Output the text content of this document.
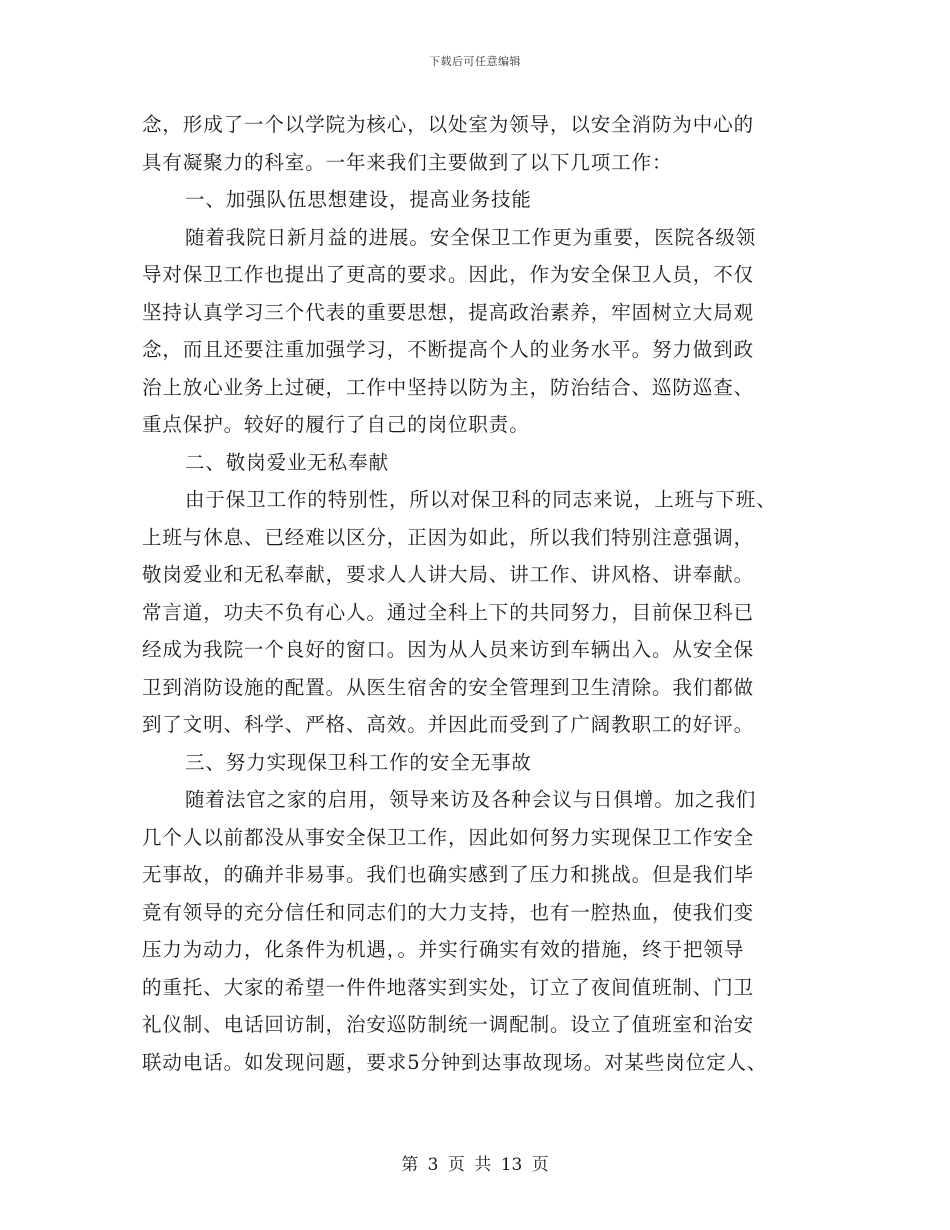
下载后可任意编辑
念，形成了一个以学院为核心，以处室为领导，以安全消防为中心的
具有凝聚力的科室。一年来我们主要做到了以下几项工作：
一、加强队伍思想建设，提高业务技能
随着我院日新月益的进展。安全保卫工作更为重要，医院各级领
导对保卫工作也提出了更高的要求。因此，作为安全保卫人员，不仅
坚持认真学习三个代表的重要思想，提高政治素养，牢固树立大局观
念，而且还要注重加强学习，不断提高个人的业务水平。努力做到政
治上放心业务上过硬，工作中坚持以防为主，防治结合、巡防巡查、
重点保护。较好的履行了自己的岗位职责。
二、敬岗爱业无私奉献
由于保卫工作的特别性，所以对保卫科的同志来说，上班与下班、
上班与休息、已经难以区分，正因为如此，所以我们特别注意强调，
敬岗爱业和无私奉献，要求人人讲大局、讲工作、讲风格、讲奉献。
常言道，功夫不负有心人。通过全科上下的共同努力，目前保卫科已
经成为我院一个良好的窗口。因为从人员来访到车辆出入。从安全保
卫到消防设施的配置。从医生宿舍的安全管理到卫生清除。我们都做
到了文明、科学、严格、高效。并因此而受到了广阔教职工的好评。
三、努力实现保卫科工作的安全无事故
随着法官之家的启用，领导来访及各种会议与日俱增。加之我们
几个人以前都没从事安全保卫工作，因此如何努力实现保卫工作安全
无事故，的确并非易事。我们也确实感到了压力和挑战。但是我们毕
竟有领导的充分信任和同志们的大力支持，也有一腔热血，使我们变
压力为动力，化条件为机遇，。并实行确实有效的措施，终于把领导
的重托、大家的希望一件件地落实到实处，订立了夜间值班制、门卫
礼仪制、电话回访制，治安巡防制统一调配制。设立了值班室和治安
联动电话。如发现问题，要求5分钟到达事故现场。对某些岗位定人、
第 3 页 共 13 页
